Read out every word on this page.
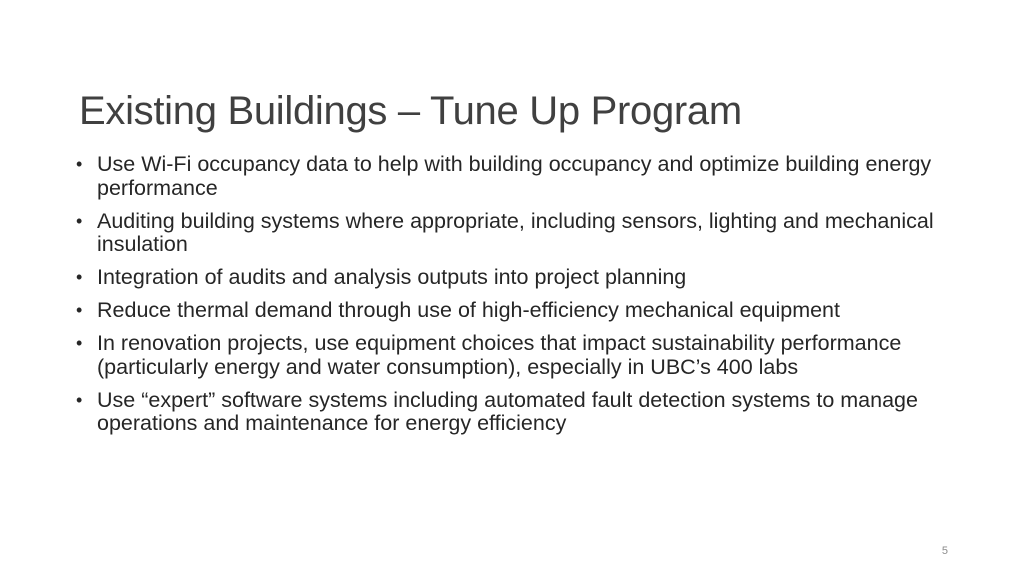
Existing Buildings – Tune Up Program
• Use Wi-Fi occupancy data to help with building occupancy and optimize building energy performance
• Auditing building systems where appropriate, including sensors, lighting and mechanical insulation
• Integration of audits and analysis outputs into project planning
• Reduce thermal demand through use of high-efficiency mechanical equipment
• In renovation projects, use equipment choices that impact sustainability performance (particularly energy and water consumption), especially in UBC’s 400 labs
• Use “expert” software systems including automated fault detection systems to manage operations and maintenance for energy efficiency
5
